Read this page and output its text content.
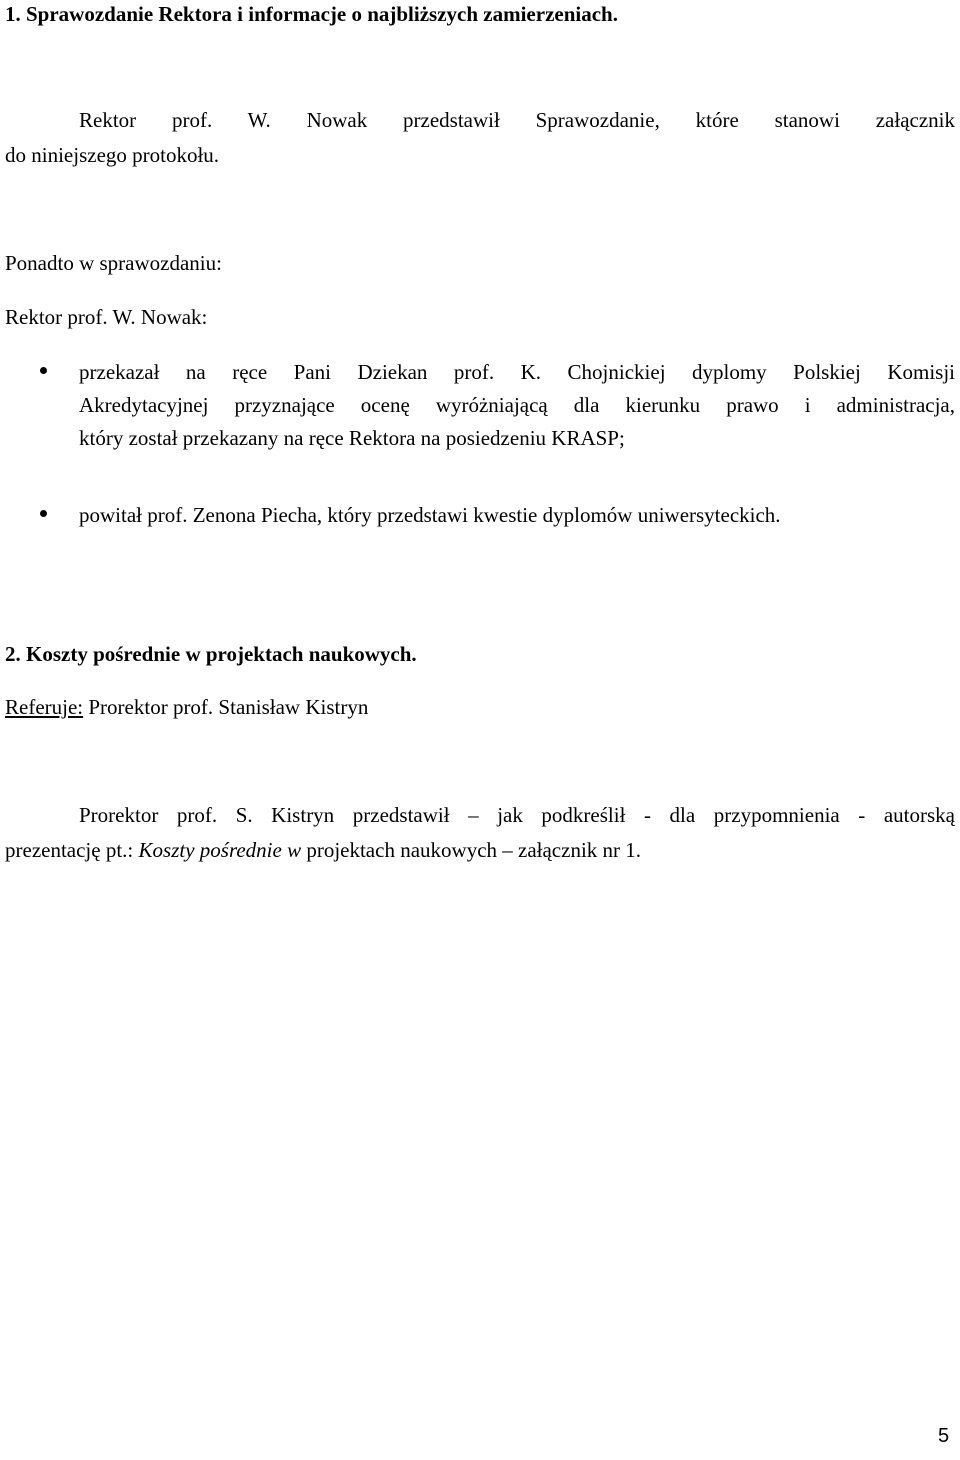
1. Sprawozdanie Rektora i informacje o najbliższych zamierzeniach.
Rektor prof. W. Nowak przedstawił Sprawozdanie, które stanowi załącznik
do niniejszego protokołu.
Ponadto w sprawozdaniu:
Rektor prof. W. Nowak:
przekazał na ręce Pani Dziekan prof. K. Chojnickiej dyplomy Polskiej Komisji
Akredytacyjnej przyznające ocenę wyróżniającą dla kierunku prawo i administracja,
który został przekazany na ręce Rektora na posiedzeniu KRASP;
powitał prof. Zenona Piecha, który przedstawi kwestie dyplomów uniwersyteckich.
2. Koszty pośrednie w projektach naukowych.
Referuje: Prorektor prof. Stanisław Kistryn
Prorektor prof. S. Kistryn przedstawił – jak podkreślił - dla przypomnienia - autorską
prezentację pt.: Koszty pośrednie w projektach naukowych – załącznik nr 1.
5
